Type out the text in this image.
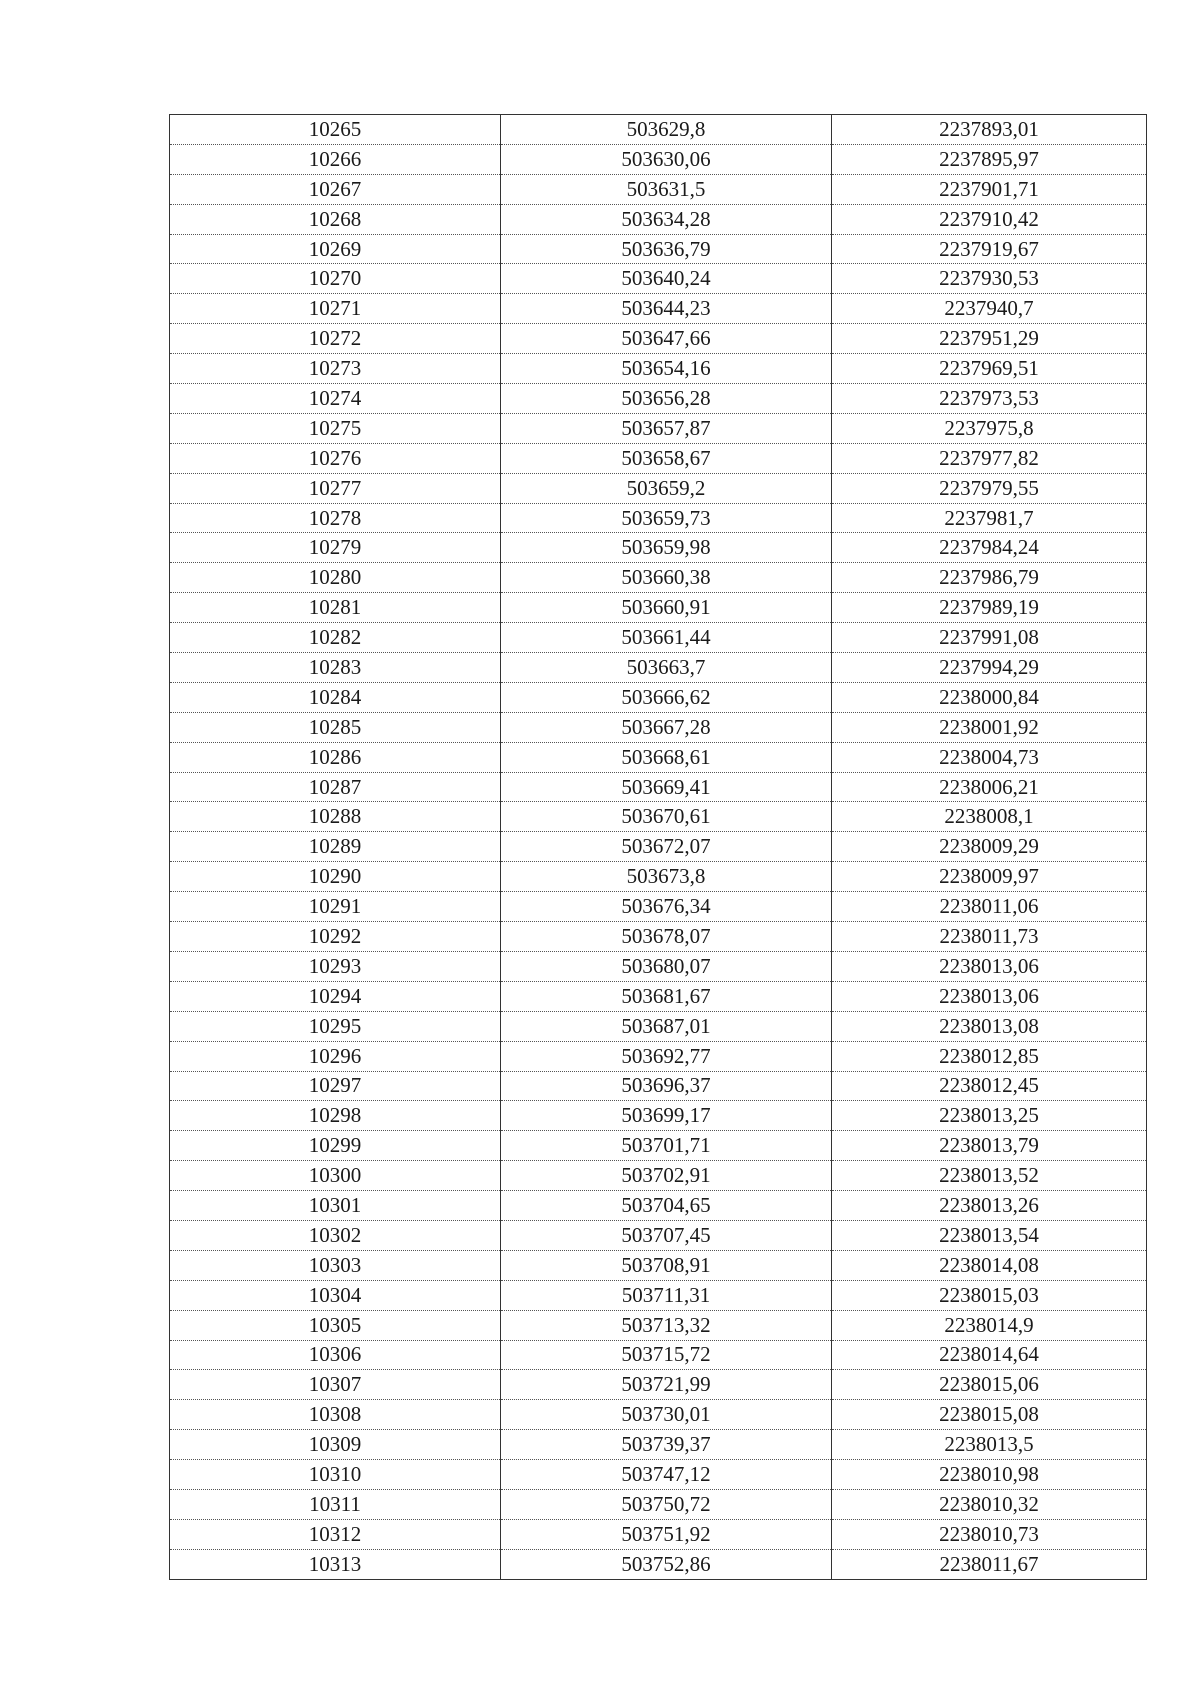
10265	503629,8	2237893,01
10266	503630,06	2237895,97
10267	503631,5	2237901,71
10268	503634,28	2237910,42
10269	503636,79	2237919,67
10270	503640,24	2237930,53
10271	503644,23	2237940,7
10272	503647,66	2237951,29
10273	503654,16	2237969,51
10274	503656,28	2237973,53
10275	503657,87	2237975,8
10276	503658,67	2237977,82
10277	503659,2	2237979,55
10278	503659,73	2237981,7
10279	503659,98	2237984,24
10280	503660,38	2237986,79
10281	503660,91	2237989,19
10282	503661,44	2237991,08
10283	503663,7	2237994,29
10284	503666,62	2238000,84
10285	503667,28	2238001,92
10286	503668,61	2238004,73
10287	503669,41	2238006,21
10288	503670,61	2238008,1
10289	503672,07	2238009,29
10290	503673,8	2238009,97
10291	503676,34	2238011,06
10292	503678,07	2238011,73
10293	503680,07	2238013,06
10294	503681,67	2238013,06
10295	503687,01	2238013,08
10296	503692,77	2238012,85
10297	503696,37	2238012,45
10298	503699,17	2238013,25
10299	503701,71	2238013,79
10300	503702,91	2238013,52
10301	503704,65	2238013,26
10302	503707,45	2238013,54
10303	503708,91	2238014,08
10304	503711,31	2238015,03
10305	503713,32	2238014,9
10306	503715,72	2238014,64
10307	503721,99	2238015,06
10308	503730,01	2238015,08
10309	503739,37	2238013,5
10310	503747,12	2238010,98
10311	503750,72	2238010,32
10312	503751,92	2238010,73
10313	503752,86	2238011,67
